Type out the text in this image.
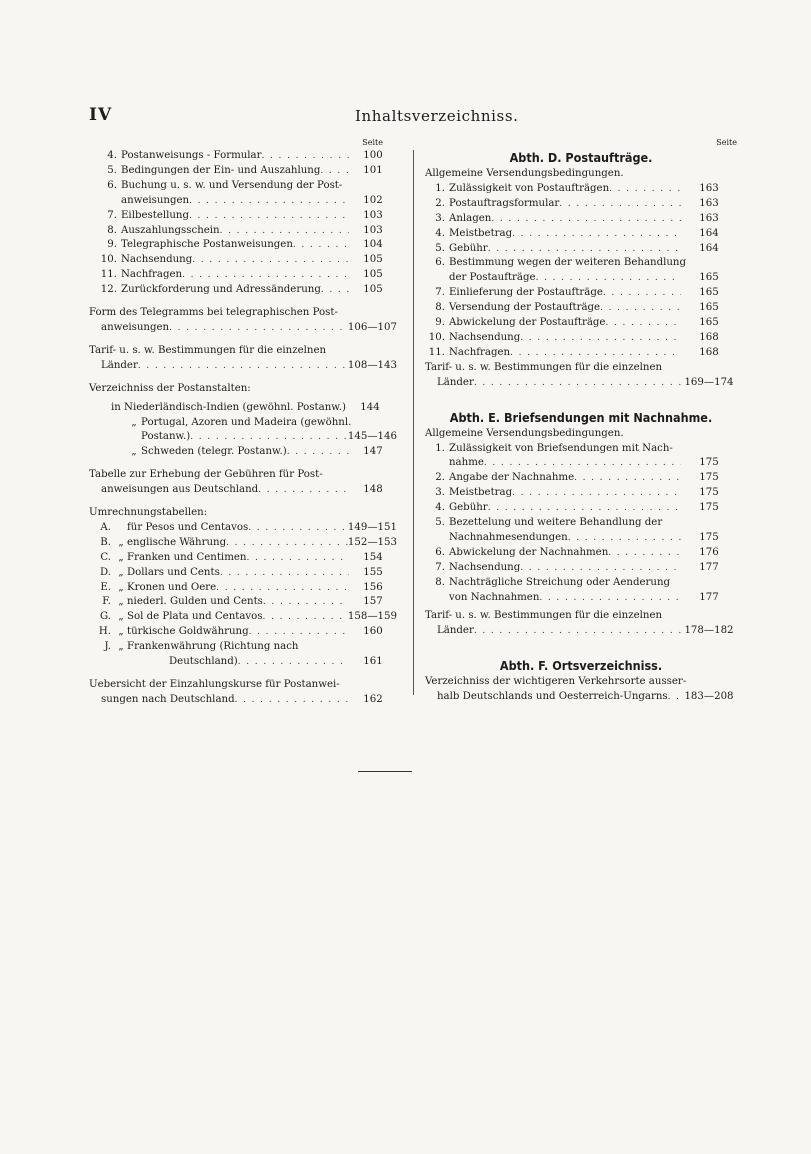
IV	Inhaltsverzeichniss.
Seite
4. Postanweisungs - Formular . . .	100
5. Bedingungen der Ein- und Auszahlung . . .	101
6. Buchung u. s. w. und Versendung der Post-
anweisungen . . .	102
7. Eilbestellung . . .	103
8. Auszahlungsschein . . .	103
9. Telegraphische Postanweisungen . . .	104
10. Nachsendung . . .	105
11. Nachfragen . . .	105
12. Zurückforderung und Adressänderung . . .	105
Form des Telegramms bei telegraphischen Post-
anweisungen . . .	106—107
Tarif- u. s. w. Bestimmungen für die einzelnen
Länder . . .	108—143
Verzeichniss der Postanstalten:
in Niederländisch-Indien (gewöhnl. Postanw.)	144
„ Portugal, Azoren und Madeira (gewöhnl.
Postanw.) . . .	145—146
„ Schweden (telegr. Postanw.) . . .	147
Tabelle zur Erhebung der Gebühren für Post-
anweisungen aus Deutschland . . .	148
Umrechnungstabellen:
A. für Pesos und Centavos . . .	149—151
B. „ englische Währung . . .	152—153
C. „ Franken und Centimen . . .	154
D. „ Dollars und Cents . . .	155
E. „ Kronen und Oere . . .	156
F. „ niederl. Gulden und Cents . . .	157
G. „ Sol de Plata und Centavos . . .	158—159
H. „ türkische Goldwährung . . .	160
J. „ Frankenwährung (Richtung nach
Deutschland) . . .	161
Uebersicht der Einzahlungskurse für Postanwei-
sungen nach Deutschland . . .	162
Seite
Abth. D. Postaufträge.
Allgemeine Versendungsbedingungen.
1. Zulässigkeit von Postaufträgen . . .	163
2. Postauftragsformular . . .	163
3. Anlagen . . .	163
4. Meistbetrag . . .	164
5. Gebühr . . .	164
6. Bestimmung wegen der weiteren Behandlung
der Postaufträge . . .	165
7. Einlieferung der Postaufträge . . .	165
8. Versendung der Postaufträge . . .	165
9. Abwickelung der Postaufträge . . .	165
10. Nachsendung . . .	168
11. Nachfragen . . .	168
Tarif- u. s. w. Bestimmungen für die einzelnen
Länder . . .	169—174
Abth. E. Briefsendungen mit Nachnahme.
Allgemeine Versendungsbedingungen.
1. Zulässigkeit von Briefsendungen mit Nach-
nahme . . .	175
2. Angabe der Nachnahme . . .	175
3. Meistbetrag . . .	175
4. Gebühr . . .	175
5. Bezettelung und weitere Behandlung der
Nachnahmesendungen . . .	175
6. Abwickelung der Nachnahmen . . .	176
7. Nachsendung . . .	177
8. Nachträgliche Streichung oder Aenderung
von Nachnahmen . . .	177
Tarif- u. s. w. Bestimmungen für die einzelnen
Länder . . .	178—182
Abth. F. Ortsverzeichniss.
Verzeichniss der wichtigeren Verkehrsorte ausser-
halb Deutschlands und Oesterreich-Ungarns . . .	183—208
